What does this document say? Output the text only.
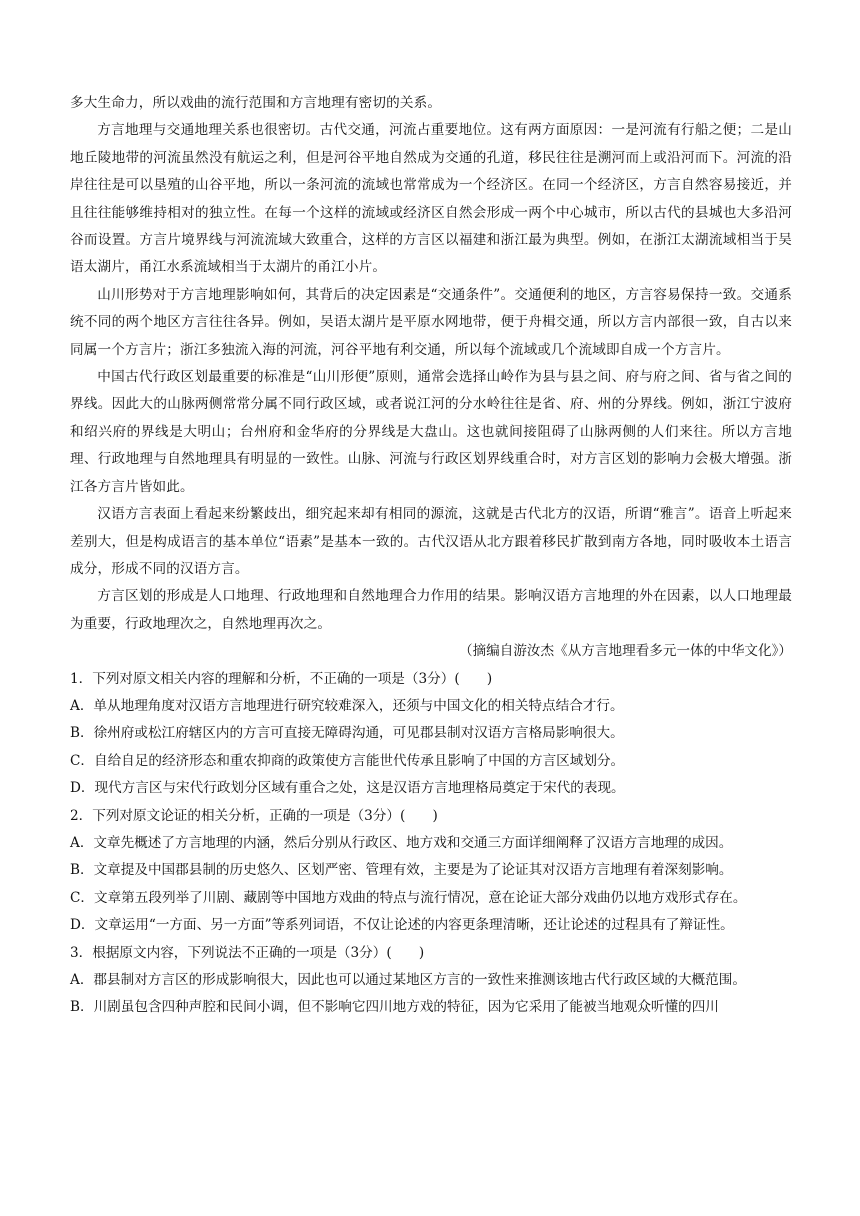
多大生命力，所以戏曲的流行范围和方言地理有密切的关系。

方言地理与交通地理关系也很密切。古代交通，河流占重要地位。这有两方面原因：一是河流有行船之便；二是山地丘陵地带的河流虽然没有航运之利，但是河谷平地自然成为交通的孔道，移民往往是溯河而上或沿河而下。河流的沿岸往往是可以垦殖的山谷平地，所以一条河流的流域也常常成为一个经济区。在同一个经济区，方言自然容易接近，并且往往能够维持相对的独立性。在每一个这样的流域或经济区自然会形成一两个中心城市，所以古代的县城也大多沿河谷而设置。方言片境界线与河流流域大致重合，这样的方言区以福建和浙江最为典型。例如，在浙江太湖流域相当于吴语太湖片，甬江水系流域相当于太湖片的甬江小片。

山川形势对于方言地理影响如何，其背后的决定因素是“交通条件”。交通便利的地区，方言容易保持一致。交通系统不同的两个地区方言往往各异。例如，吴语太湖片是平原水网地带，便于舟楫交通，所以方言内部很一致，自古以来同属一个方言片；浙江多独流入海的河流，河谷平地有利交通，所以每个流域或几个流域即自成一个方言片。

中国古代行政区划最重要的标准是“山川形便”原则，通常会选择山岭作为县与县之间、府与府之间、省与省之间的界线。因此大的山脉两侧常常分属不同行政区域，或者说江河的分水岭往往是省、府、州的分界线。例如，浙江宁波府和绍兴府的界线是大明山；台州府和金华府的分界线是大盘山。这也就间接阻碍了山脉两侧的人们来往。所以方言地理、行政地理与自然地理具有明显的一致性。山脉、河流与行政区划界线重合时，对方言区划的影响力会极大增强。浙江各方言片皆如此。

汉语方言表面上看起来纷繁歧出，细究起来却有相同的源流，这就是古代北方的汉语，所谓“雅言”。语音上听起来差别大，但是构成语言的基本单位“语素”是基本一致的。古代汉语从北方跟着移民扩散到南方各地，同时吸收本土语言成分，形成不同的汉语方言。

方言区划的形成是人口地理、行政地理和自然地理合力作用的结果。影响汉语方言地理的外在因素，以人口地理最为重要，行政地理次之，自然地理再次之。

（摘编自游汝杰《从方言地理看多元一体的中华文化》）

1．下列对原文相关内容的理解和分析，不正确的一项是（3分）(　　)

A．单从地理角度对汉语方言地理进行研究较难深入，还须与中国文化的相关特点结合才行。

B．徐州府或松江府辖区内的方言可直接无障碍沟通，可见郡县制对汉语方言格局影响很大。

C．自给自足的经济形态和重农抑商的政策使方言能世代传承且影响了中国的方言区域划分。

D．现代方言区与宋代行政划分区域有重合之处，这是汉语方言地理格局奠定于宋代的表现。

2．下列对原文论证的相关分析，正确的一项是（3分）(　　)

A．文章先概述了方言地理的内涵，然后分别从行政区、地方戏和交通三方面详细阐释了汉语方言地理的成因。

B．文章提及中国郡县制的历史悠久、区划严密、管理有效，主要是为了论证其对汉语方言地理有着深刻影响。

C．文章第五段列举了川剧、藏剧等中国地方戏曲的特点与流行情况，意在论证大部分戏曲仍以地方戏形式存在。

D．文章运用“一方面、另一方面”等系列词语，不仅让论述的内容更条理清晰，还让论述的过程具有了辩证性。

3．根据原文内容，下列说法不正确的一项是（3分）(　　)

A．郡县制对方言区的形成影响很大，因此也可以通过某地区方言的一致性来推测该地古代行政区域的大概范围。

B．川剧虽包含四种声腔和民间小调，但不影响它四川地方戏的特征，因为它采用了能被当地观众听懂的四川
